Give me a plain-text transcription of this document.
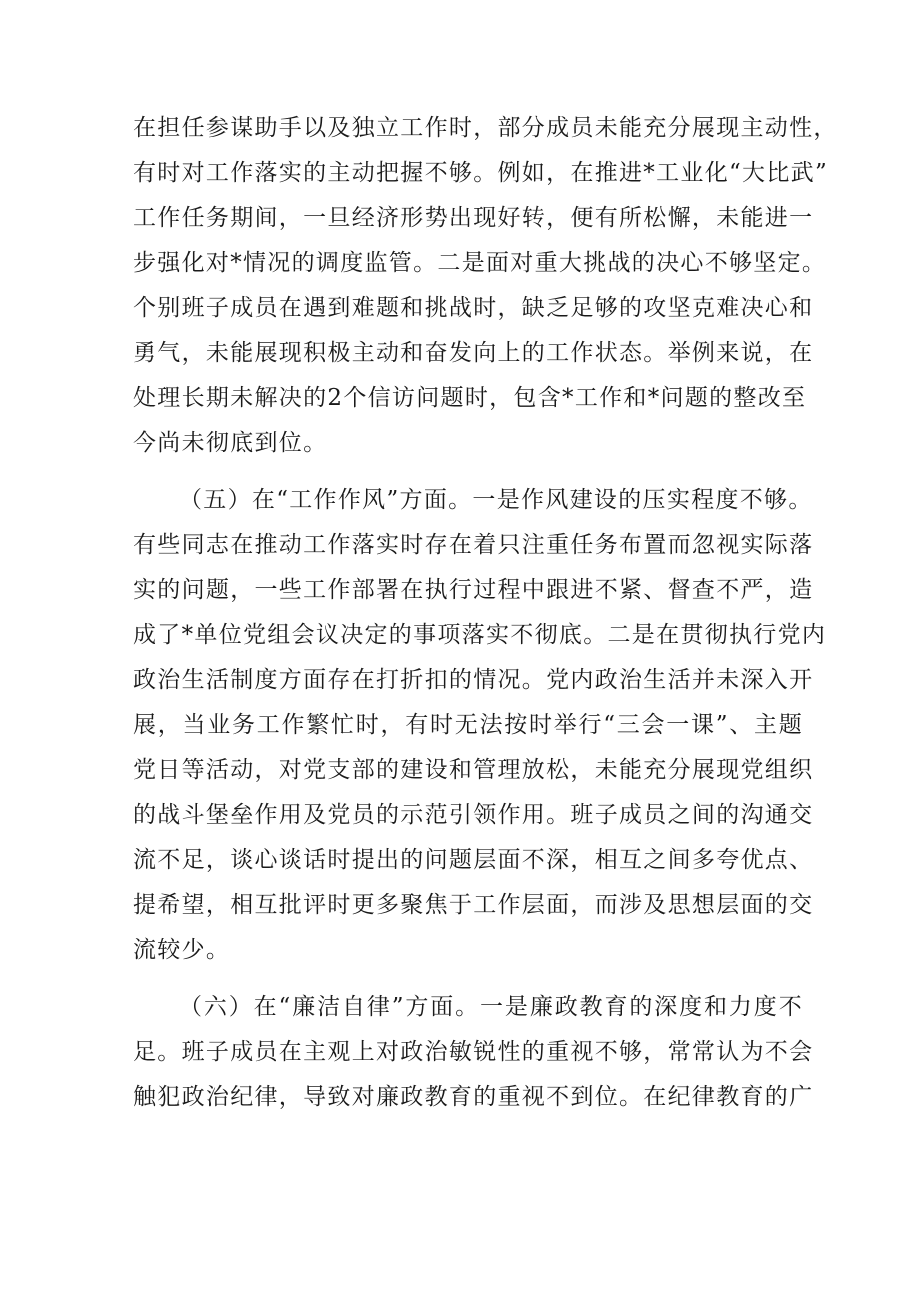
在担任参谋助手以及独立工作时，部分成员未能充分展现主动性，
有时对工作落实的主动把握不够。例如，在推进*工业化“大比武”
工作任务期间，一旦经济形势出现好转，便有所松懈，未能进一
步强化对*情况的调度监管。二是面对重大挑战的决心不够坚定。
个别班子成员在遇到难题和挑战时，缺乏足够的攻坚克难决心和
勇气，未能展现积极主动和奋发向上的工作状态。举例来说，在
处理长期未解决的2个信访问题时，包含*工作和*问题的整改至
今尚未彻底到位。
（五）在“工作作风”方面。一是作风建设的压实程度不够。
有些同志在推动工作落实时存在着只注重任务布置而忽视实际落
实的问题，一些工作部署在执行过程中跟进不紧、督查不严，造
成了*单位党组会议决定的事项落实不彻底。二是在贯彻执行党内
政治生活制度方面存在打折扣的情况。党内政治生活并未深入开
展，当业务工作繁忙时，有时无法按时举行“三会一课”、主题
党日等活动，对党支部的建设和管理放松，未能充分展现党组织
的战斗堡垒作用及党员的示范引领作用。班子成员之间的沟通交
流不足，谈心谈话时提出的问题层面不深，相互之间多夸优点、
提希望，相互批评时更多聚焦于工作层面，而涉及思想层面的交
流较少。
（六）在“廉洁自律”方面。一是廉政教育的深度和力度不
足。班子成员在主观上对政治敏锐性的重视不够，常常认为不会
触犯政治纪律，导致对廉政教育的重视不到位。在纪律教育的广
